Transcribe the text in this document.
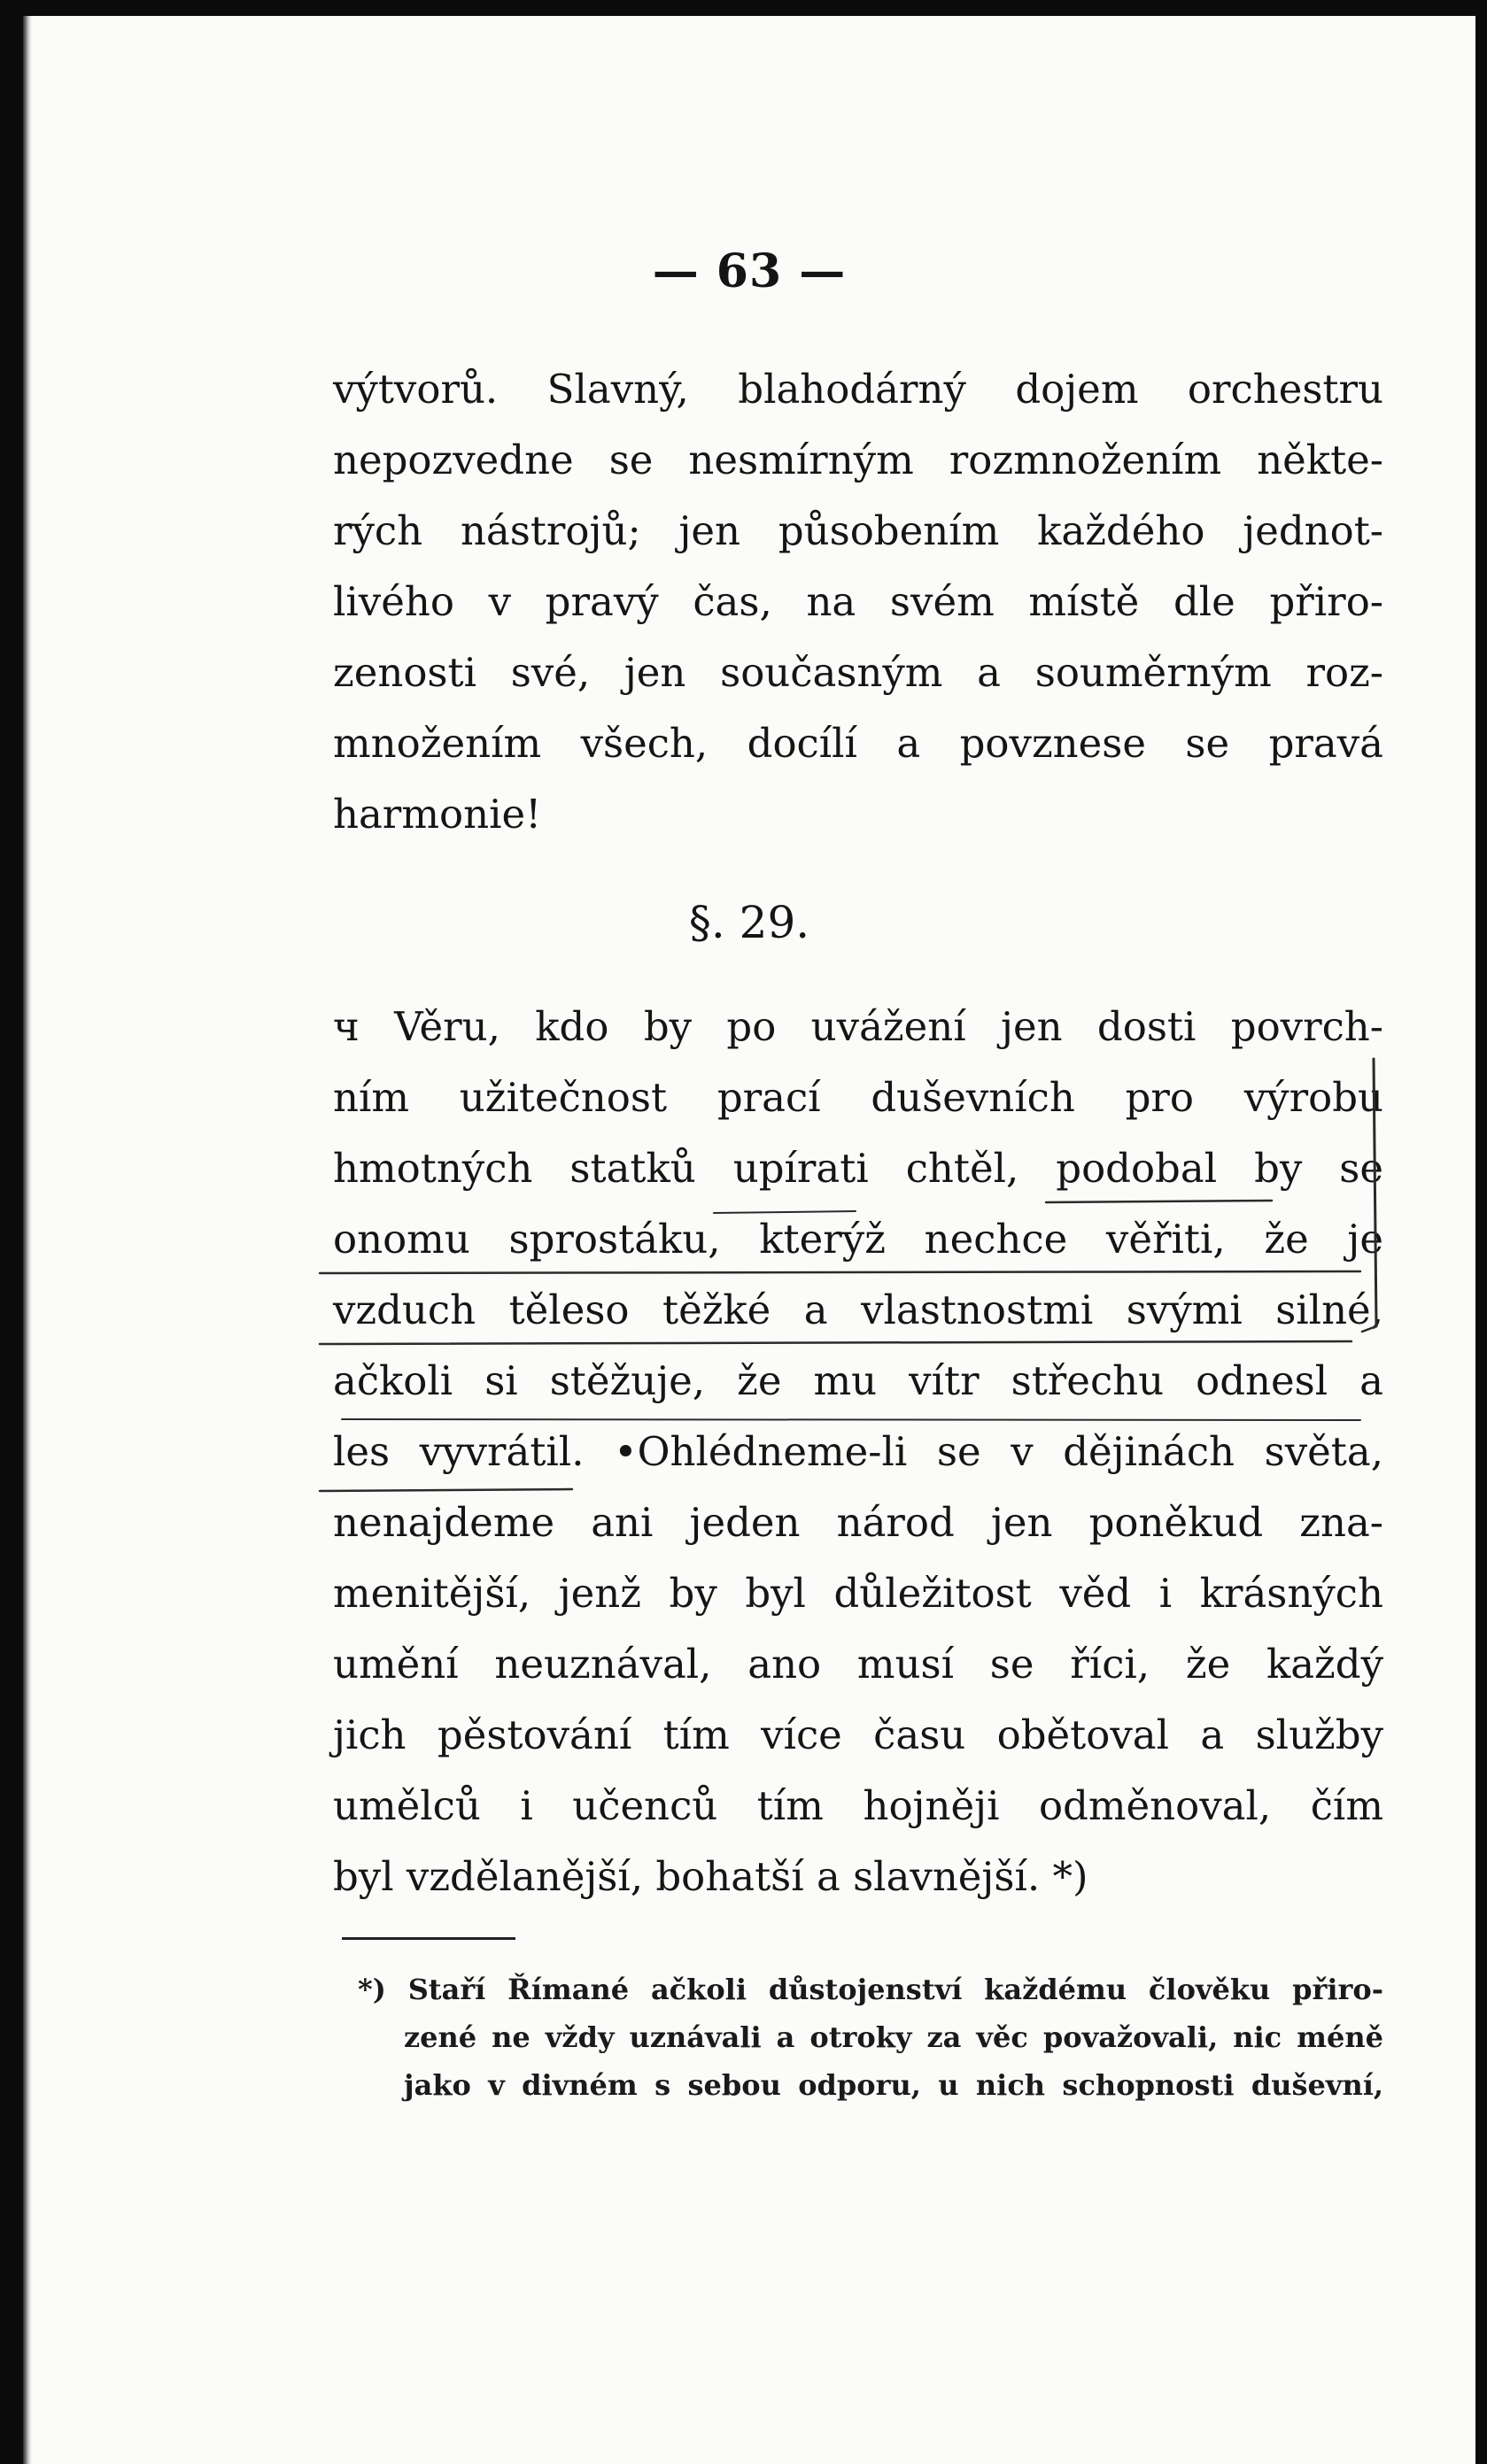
— 63 —
výtvorů. Slavný, blahodárný dojem orchestru
nepozvedne se nesmírným rozmnožením někte-
rých nástrojů; jen působením každého jednot-
livého v pravý čas, na svém místě dle přiro-
zenosti své, jen současným a souměrným roz-
množením všech, docílí a povznese se pravá
harmonie!
§. 29.
ч Věru, kdo by po uvážení jen dosti povrch-
ním užitečnost prací duševních pro výrobu
hmotných statků upírati chtěl, podobal by se
onomu sprostáku, kterýž nechce věřiti, že je
vzduch těleso těžké a vlastnostmi svými silné,
ačkoli si stěžuje, že mu vítr střechu odnesl a
les vyvrátil. •Ohlédneme-li se v dějinách světa,
nenajdeme ani jeden národ jen poněkud zna-
menitější, jenž by byl důležitost věd i krásných
umění neuznával, ano musí se říci, že každý
jich pěstování tím více času obětoval a služby
umělců i učenců tím hojněji odměnoval, čím
byl vzdělanější, bohatší a slavnější. *)
*) Staří Římané ačkoli důstojenství každému člověku přiro-
zené ne vždy uznávali a otroky za věc považovali, nic méně
jako v divném s sebou odporu, u nich schopnosti duševní,
